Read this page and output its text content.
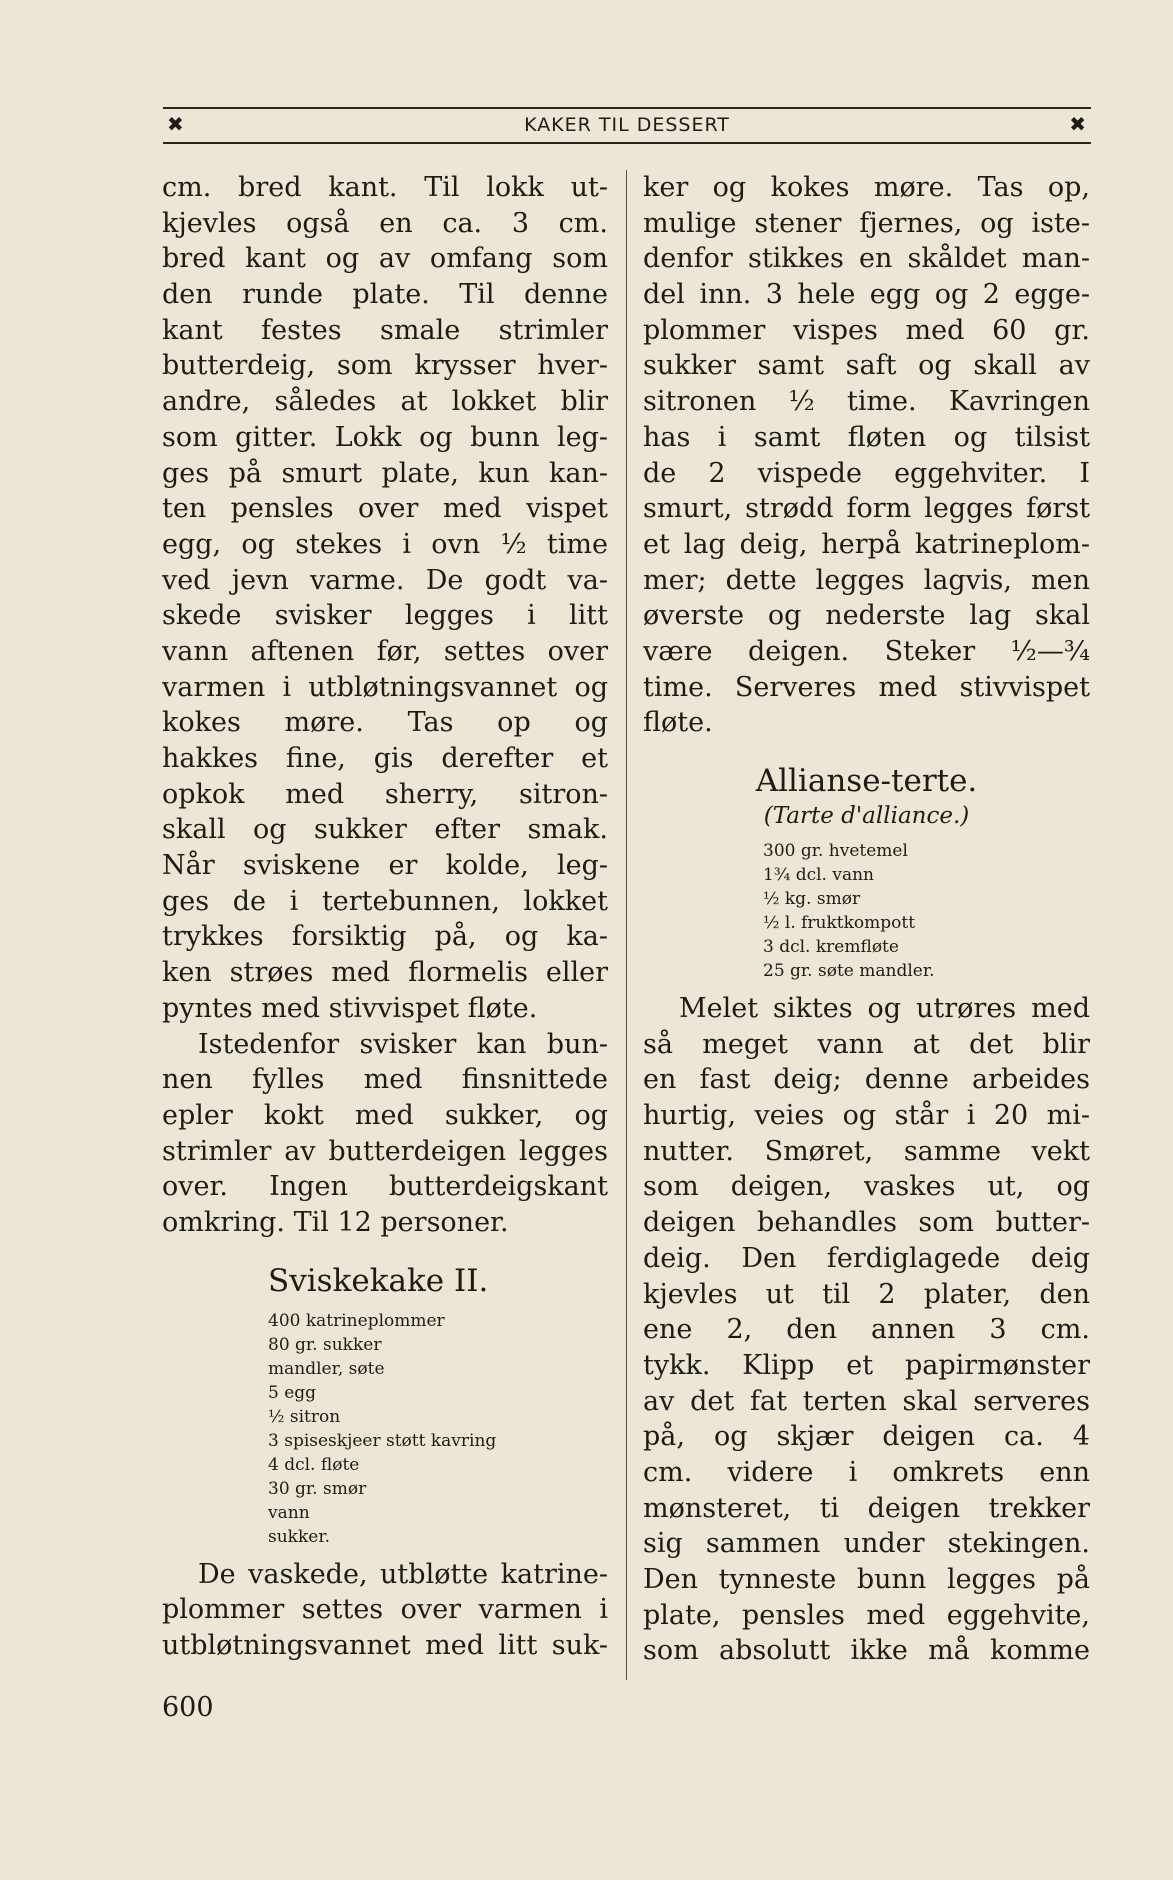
✖	KAKER TIL DESSERT	✖
cm. bred kant. Til lokk ut-
kjevles også en ca. 3 cm.
bred kant og av omfang som
den runde plate. Til denne
kant festes smale strimler
butterdeig, som krysser hver-
andre, således at lokket blir
som gitter. Lokk og bunn leg-
ges på smurt plate, kun kan-
ten pensles over med vispet
egg, og stekes i ovn ½ time
ved jevn varme. De godt va-
skede svisker legges i litt
vann aftenen før, settes over
varmen i utbløtningsvannet og
kokes møre. Tas op og
hakkes fine, gis derefter et
opkok med sherry, sitron-
skall og sukker efter smak.
Når sviskene er kolde, leg-
ges de i tertebunnen, lokket
trykkes forsiktig på, og ka-
ken strøes med flormelis eller
pyntes med stivvispet fløte.
Istedenfor svisker kan bun-
nen fylles med finsnittede
epler kokt med sukker, og
strimler av butterdeigen legges
over. Ingen butterdeigskant
omkring. Til 12 personer.
Sviskekake II.
400 katrineplommer
80 gr. sukker
mandler, søte
5 egg
½ sitron
3 spiseskjeer støtt kavring
4 dcl. fløte
30 gr. smør
vann
sukker.
De vaskede, utbløtte katrine-
plommer settes over varmen i
utbløtningsvannet med litt suk-
ker og kokes møre. Tas op,
mulige stener fjernes, og iste-
denfor stikkes en skåldet man-
del inn. 3 hele egg og 2 egge-
plommer vispes med 60 gr.
sukker samt saft og skall av
sitronen ½ time. Kavringen
has i samt fløten og tilsist
de 2 vispede eggehviter. I
smurt, strødd form legges først
et lag deig, herpå katrineplom-
mer; dette legges lagvis, men
øverste og nederste lag skal
være deigen. Steker ½—¾
time. Serveres med stivvispet
fløte.
Allianse-terte.
(Tarte d'alliance.)
300 gr. hvetemel
1¾ dcl. vann
½ kg. smør
½ l. fruktkompott
3 dcl. kremfløte
25 gr. søte mandler.
Melet siktes og utrøres med
så meget vann at det blir
en fast deig; denne arbeides
hurtig, veies og står i 20 mi-
nutter. Smøret, samme vekt
som deigen, vaskes ut, og
deigen behandles som butter-
deig. Den ferdiglagede deig
kjevles ut til 2 plater, den
ene 2, den annen 3 cm.
tykk. Klipp et papirmønster
av det fat terten skal serveres
på, og skjær deigen ca. 4
cm. videre i omkrets enn
mønsteret, ti deigen trekker
sig sammen under stekingen.
Den tynneste bunn legges på
plate, pensles med eggehvite,
som absolutt ikke må komme
600
